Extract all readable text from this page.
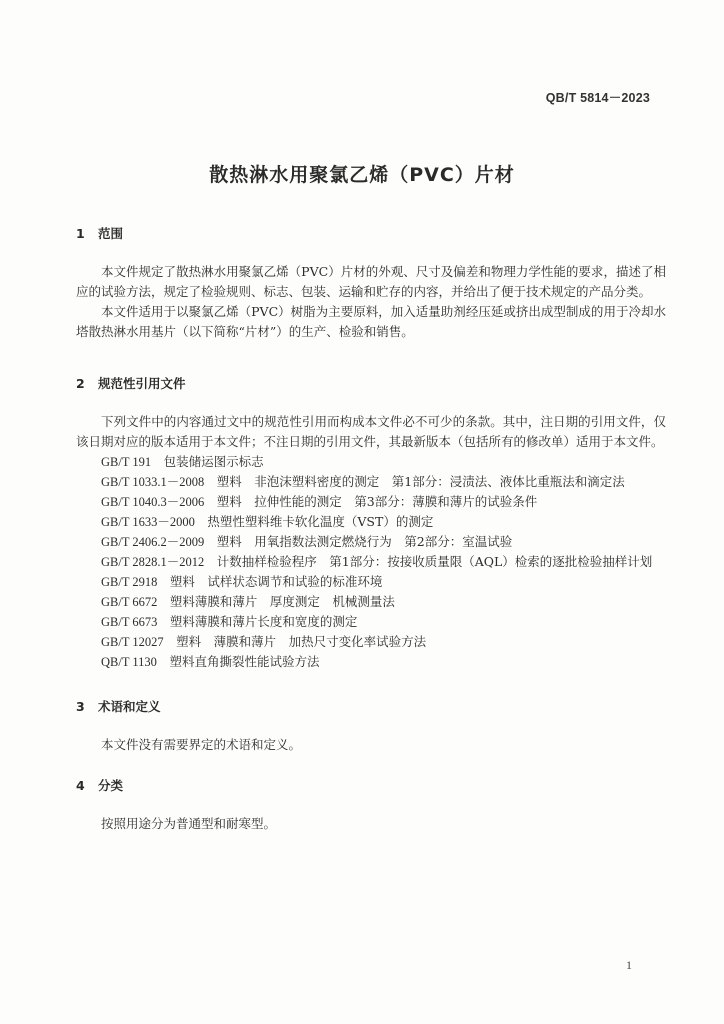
QB/T 5814－2023
散热淋水用聚氯乙烯（PVC）片材
1 范围

本文件规定了散热淋水用聚氯乙烯（PVC）片材的外观、尺寸及偏差和物理力学性能的要求，描述了相应的试验方法，规定了检验规则、标志、包装、运输和贮存的内容，并给出了便于技术规定的产品分类。

本文件适用于以聚氯乙烯（PVC）树脂为主要原料，加入适量助剂经压延或挤出成型制成的用于冷却水塔散热淋水用基片（以下简称“片材”）的生产、检验和销售。

2 规范性引用文件

下列文件中的内容通过文中的规范性引用而构成本文件必不可少的条款。其中，注日期的引用文件，仅该日期对应的版本适用于本文件；不注日期的引用文件，其最新版本（包括所有的修改单）适用于本文件。

GB/T 191　 包装储运图示标志
GB/T 1033.1－2008　 塑料　非泡沫塑料密度的测定　第1部分：浸渍法、液体比重瓶法和滴定法
GB/T 1040.3－2006　 塑料　拉伸性能的测定　第3部分：薄膜和薄片的试验条件
GB/T 1633－2000　 热塑性塑料维卡软化温度（VST）的测定
GB/T 2406.2－2009　 塑料　用氧指数法测定燃烧行为　第2部分：室温试验
GB/T 2828.1－2012　 计数抽样检验程序　第1部分：按接收质量限（AQL）检索的逐批检验抽样计划
GB/T 2918　 塑料　试样状态调节和试验的标准环境
GB/T 6672　 塑料薄膜和薄片　厚度测定　机械测量法
GB/T 6673　 塑料薄膜和薄片长度和宽度的测定
GB/T 12027　 塑料　薄膜和薄片　加热尺寸变化率试验方法
QB/T 1130　 塑料直角撕裂性能试验方法
3 术语和定义

本文件没有需要界定的术语和定义。

4 分类

按照用途分为普通型和耐寒型。

1
